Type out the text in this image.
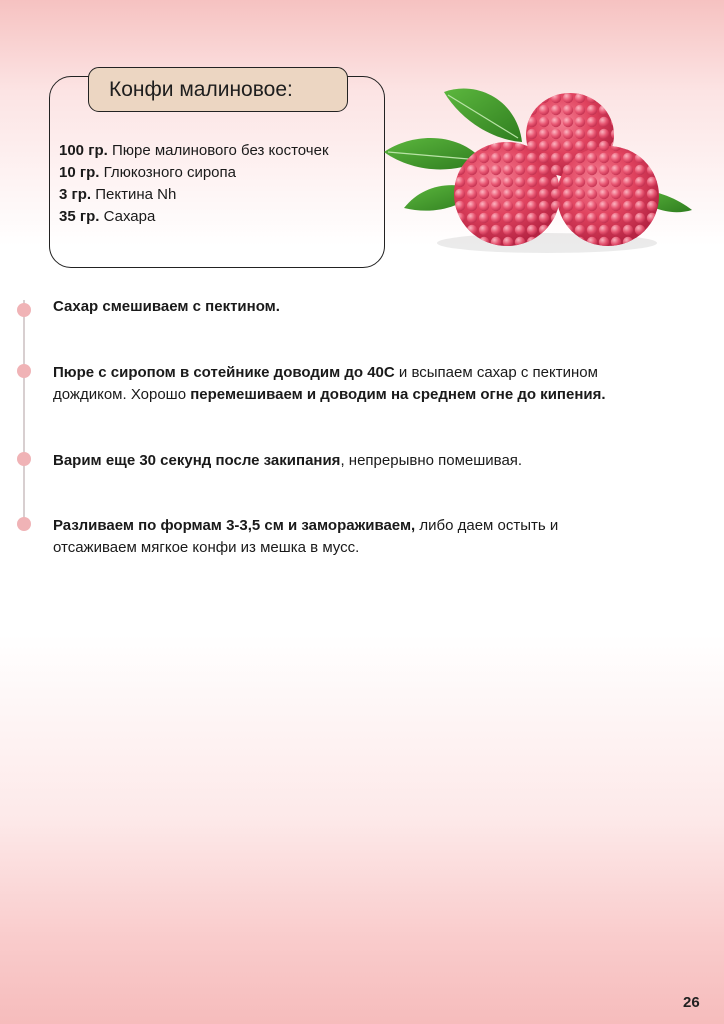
Конфи малиновое:
100 гр. Пюре малинового без косточек
10 гр. Глюкозного сиропа
3 гр. Пектина Nh
35 гр. Сахара
Сахар смешиваем с пектином.
Пюре с сиропом в сотейнике доводим до 40С и всыпаем сахар с пектином дождиком. Хорошо перемешиваем и доводим на среднем огне до кипения.
Варим еще 30 секунд после закипания, непрерывно помешивая.
Разливаем по формам 3-3,5 см и замораживаем, либо даем остыть и отсаживаем мягкое конфи из мешка в мусс.
26
